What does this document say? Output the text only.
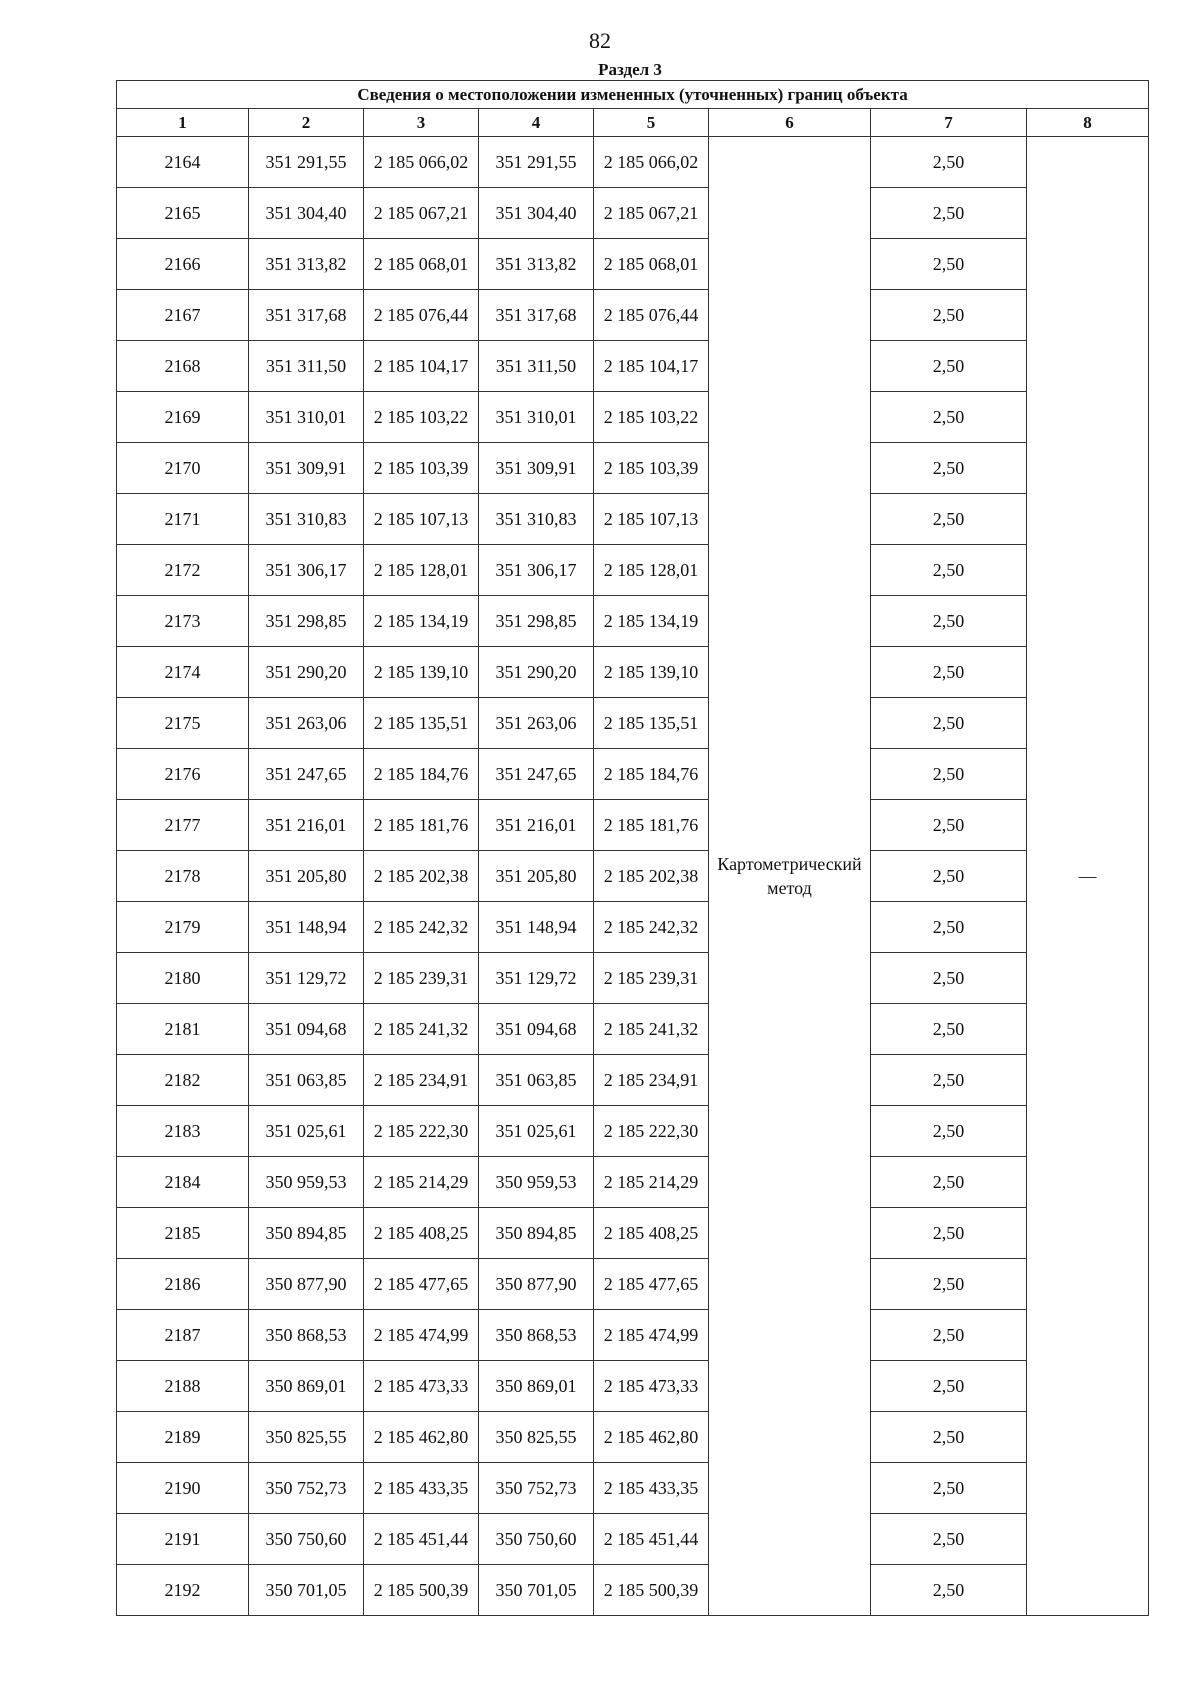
82
Раздел 3
Сведения о местоположении измененных (уточненных) границ объекта							
1	2	3	4	5	6	7	8
2164	351 291,55	2 185 066,02	351 291,55	2 185 066,02	Картометрический метод	2,50	—
2165	351 304,40	2 185 067,21	351 304,40	2 185 067,21		2,50	
2166	351 313,82	2 185 068,01	351 313,82	2 185 068,01		2,50	
2167	351 317,68	2 185 076,44	351 317,68	2 185 076,44		2,50	
2168	351 311,50	2 185 104,17	351 311,50	2 185 104,17		2,50	
2169	351 310,01	2 185 103,22	351 310,01	2 185 103,22		2,50	
2170	351 309,91	2 185 103,39	351 309,91	2 185 103,39		2,50	
2171	351 310,83	2 185 107,13	351 310,83	2 185 107,13		2,50	
2172	351 306,17	2 185 128,01	351 306,17	2 185 128,01		2,50	
2173	351 298,85	2 185 134,19	351 298,85	2 185 134,19		2,50	
2174	351 290,20	2 185 139,10	351 290,20	2 185 139,10		2,50	
2175	351 263,06	2 185 135,51	351 263,06	2 185 135,51		2,50	
2176	351 247,65	2 185 184,76	351 247,65	2 185 184,76		2,50	
2177	351 216,01	2 185 181,76	351 216,01	2 185 181,76		2,50	
2178	351 205,80	2 185 202,38	351 205,80	2 185 202,38		2,50	
2179	351 148,94	2 185 242,32	351 148,94	2 185 242,32		2,50	
2180	351 129,72	2 185 239,31	351 129,72	2 185 239,31		2,50	
2181	351 094,68	2 185 241,32	351 094,68	2 185 241,32		2,50	
2182	351 063,85	2 185 234,91	351 063,85	2 185 234,91		2,50	
2183	351 025,61	2 185 222,30	351 025,61	2 185 222,30		2,50	
2184	350 959,53	2 185 214,29	350 959,53	2 185 214,29		2,50	
2185	350 894,85	2 185 408,25	350 894,85	2 185 408,25		2,50	
2186	350 877,90	2 185 477,65	350 877,90	2 185 477,65		2,50	
2187	350 868,53	2 185 474,99	350 868,53	2 185 474,99		2,50	
2188	350 869,01	2 185 473,33	350 869,01	2 185 473,33		2,50	
2189	350 825,55	2 185 462,80	350 825,55	2 185 462,80		2,50	
2190	350 752,73	2 185 433,35	350 752,73	2 185 433,35		2,50	
2191	350 750,60	2 185 451,44	350 750,60	2 185 451,44		2,50	
2192	350 701,05	2 185 500,39	350 701,05	2 185 500,39		2,50	
